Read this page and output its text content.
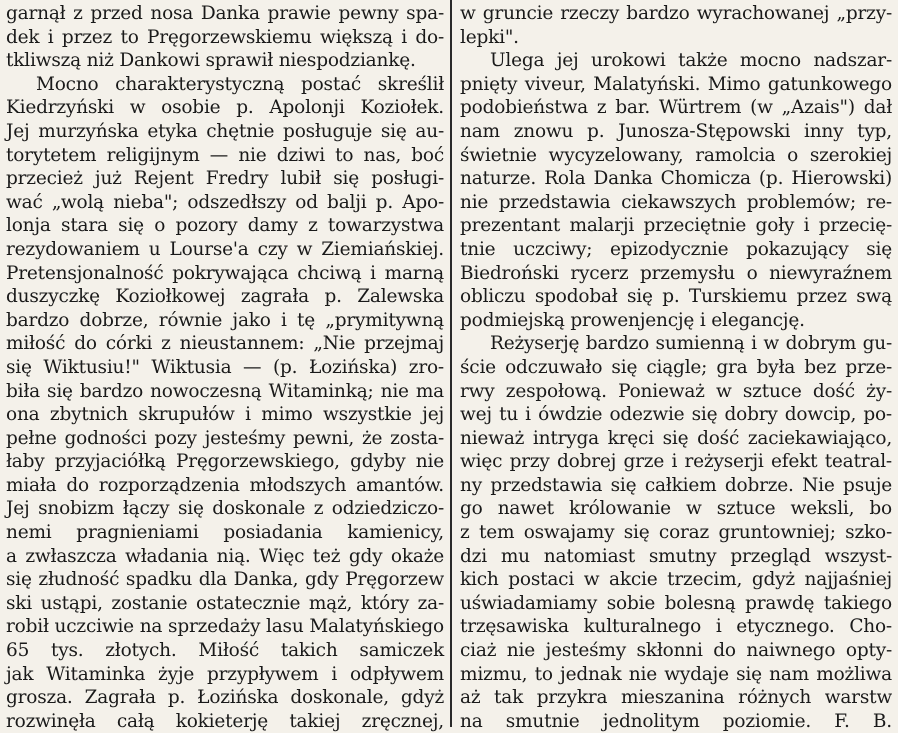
garnął z przed nosa Danka prawie pewny spa-
dek i przez to Pręgorzewskiemu większą i do-
tkliwszą niż Dankowi sprawił niespodziankę.
Mocno charakterystyczną postać skreślił
Kiedrzyński w osobie p. Apolonji Koziołek.
Jej murzyńska etyka chętnie posługuje się au-
torytetem religijnym — nie dziwi to nas, boć
przecież już Rejent Fredry lubił się posługi-
wać „wolą nieba"; odszedłszy od balji p. Apo-
lonja stara się o pozory damy z towarzystwa
rezydowaniem u Lourse'a czy w Ziemiańskiej.
Pretensjonalność pokrywająca chciwą i marną
duszyczkę Koziołkowej zagrała p. Zalewska
bardzo dobrze, równie jako i tę „prymitywną
miłość do córki z nieustannem: „Nie przejmaj
się Wiktusiu!" Wiktusia — (p. Łozińska) zro-
biła się bardzo nowoczesną Witaminką; nie ma
ona zbytnich skrupułów i mimo wszystkie jej
pełne godności pozy jesteśmy pewni, że zosta-
łaby przyjaciółką Pręgorzewskiego, gdyby nie
miała do rozporządzenia młodszych amantów.
Jej snobizm łączy się doskonale z odziedziczo-
nemi pragnieniami posiadania kamienicy,
a zwłaszcza władania nią. Więc też gdy okaże
się złudność spadku dla Danka, gdy Pręgorzew
ski ustąpi, zostanie ostatecznie mąż, który za-
robił uczciwie na sprzedaży lasu Malatyńskiego
65 tys. złotych. Miłość takich samiczek
jak Witaminka żyje przypływem i odpływem
grosza. Zagrała p. Łozińska doskonale, gdyż
rozwinęła całą kokieterję takiej zręcznej,
w gruncie rzeczy bardzo wyrachowanej „przy-
lepki".
Ulega jej urokowi także mocno nadszar-
pnięty viveur, Malatyński. Mimo gatunkowego
podobieństwa z bar. Würtrem (w „Azais") dał
nam znowu p. Junosza-Stępowski inny typ,
świetnie wycyzelowany, ramolcia o szerokiej
naturze. Rola Danka Chomicza (p. Hierowski)
nie przedstawia ciekawszych problemów; re-
prezentant malarji przeciętnie goły i przecię-
tnie uczciwy; epizodycznie pokazujący się
Biedroński rycerz przemysłu o niewyraźnem
obliczu spodobał się p. Turskiemu przez swą
podmiejską prowenjencję i elegancję.
Reżyserję bardzo sumienną i w dobrym gu-
ście odczuwało się ciągle; gra była bez prze-
rwy zespołową. Ponieważ w sztuce dość ży-
wej tu i ówdzie odezwie się dobry dowcip, po-
nieważ intryga kręci się dość zaciekawiająco,
więc przy dobrej grze i reżyserji efekt teatral-
ny przedstawia się całkiem dobrze. Nie psuje
go nawet królowanie w sztuce weksli, bo
z tem oswajamy się coraz gruntowniej; szko-
dzi mu natomiast smutny przegląd wszyst-
kich postaci w akcie trzecim, gdyż najjaśniej
uświadamiamy sobie bolesną prawdę takiego
trzęsawiska kulturalnego i etycznego. Cho-
ciaż nie jesteśmy skłonni do naiwnego opty-
mizmu, to jednak nie wydaje się nam możliwa
aż tak przykra mieszanina różnych warstw
na smutnie jednolitym poziomie. F. B.
